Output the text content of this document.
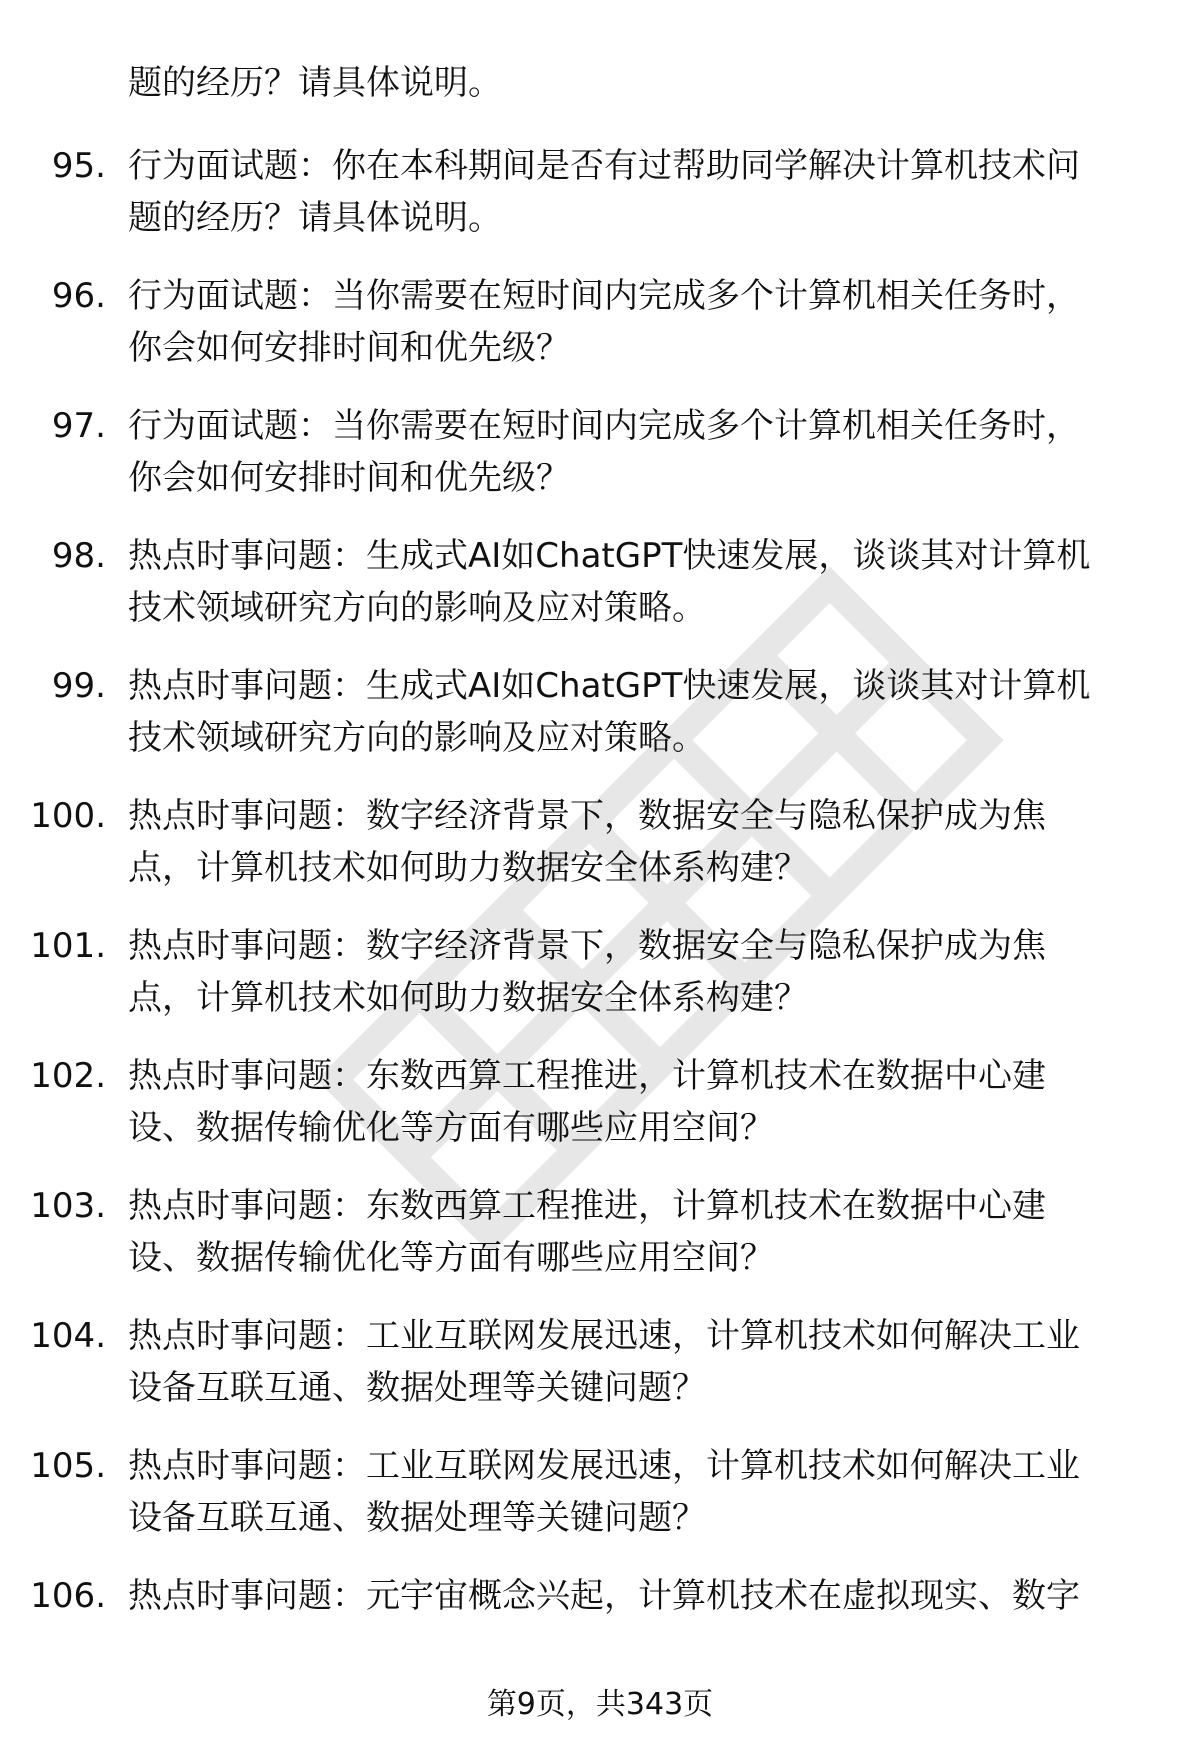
题的经历？请具体说明。
95. 行为面试题：你在本科期间是否有过帮助同学解决计算机技术问
题的经历？请具体说明。
96. 行为面试题：当你需要在短时间内完成多个计算机相关任务时，
你会如何安排时间和优先级？
97. 行为面试题：当你需要在短时间内完成多个计算机相关任务时，
你会如何安排时间和优先级？
98. 热点时事问题：生成式AI如ChatGPT快速发展，谈谈其对计算机
技术领域研究方向的影响及应对策略。
99. 热点时事问题：生成式AI如ChatGPT快速发展，谈谈其对计算机
技术领域研究方向的影响及应对策略。
100. 热点时事问题：数字经济背景下，数据安全与隐私保护成为焦
点，计算机技术如何助力数据安全体系构建？
101. 热点时事问题：数字经济背景下，数据安全与隐私保护成为焦
点，计算机技术如何助力数据安全体系构建？
102. 热点时事问题：东数西算工程推进，计算机技术在数据中心建
设、数据传输优化等方面有哪些应用空间？
103. 热点时事问题：东数西算工程推进，计算机技术在数据中心建
设、数据传输优化等方面有哪些应用空间？
104. 热点时事问题：工业互联网发展迅速，计算机技术如何解决工业
设备互联互通、数据处理等关键问题？
105. 热点时事问题：工业互联网发展迅速，计算机技术如何解决工业
设备互联互通、数据处理等关键问题？
106. 热点时事问题：元宇宙概念兴起，计算机技术在虚拟现实、数字
第9页，共343页
